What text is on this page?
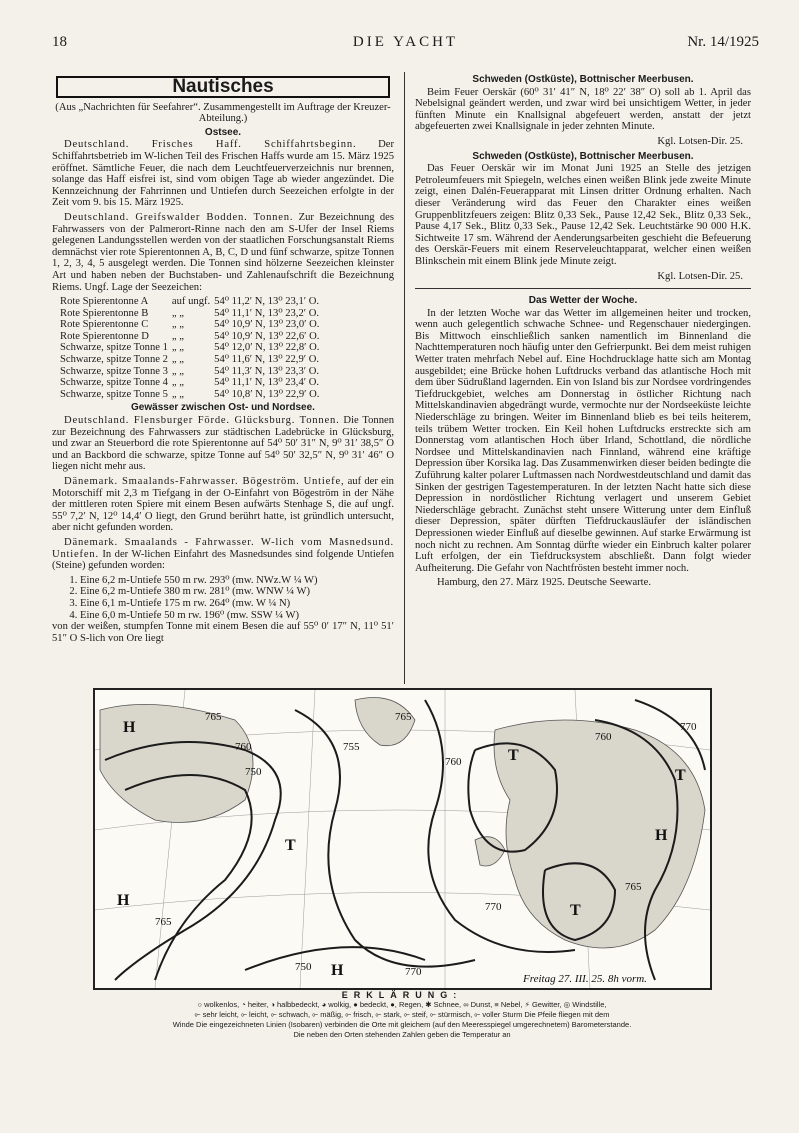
18	DIE YACHT	Nr. 14/1925
Nautisches
(Aus „Nachrichten für Seefahrer“. Zusammengestellt im Auftrage der Kreuzer-Abteilung.)
Ostsee.

Deutschland. Frisches Haff. Schiffahrtsbeginn. Der Schiffahrtsbetrieb im W-lichen Teil des Frischen Haffs wurde am 15. März 1925 eröffnet. Sämtliche Feuer, die nach dem Leuchtfeuerverzeichnis nur brennen, solange das Haff eisfrei ist, sind vom obigen Tage ab wieder angezündet. Die Kennzeichnung der Fahrrinnen und Untiefen durch Seezeichen erfolgte in der Zeit vom 9. bis 15. März 1925.

Deutschland. Greifswalder Bodden. Tonnen. Zur Bezeichnung des Fahrwassers von der Palmerort-Rinne nach den am S-Ufer der Insel Riems gelegenen Landungsstellen werden von der staatlichen Forschungsanstalt Riems demnächst vier rote Spierentonnen A, B, C, D und fünf schwarze, spitze Tonnen 1, 2, 3, 4, 5 ausgelegt werden. Die Tonnen sind hölzerne Seezeichen kleinster Art und haben neben der Buchstaben- und Zahlenaufschrift die Bezeichnung Riems. Ungf. Lage der Seezeichen:

Rote Spierentonne A	auf ungf.	54⁰ 11,2′ N, 13⁰ 23,1′ O.
Rote Spierentonne B	„ „	54⁰ 11,1′ N, 13⁰ 23,2′ O.
Rote Spierentonne C	„ „	54⁰ 10,9′ N, 13⁰ 23,0′ O.
Rote Spierentonne D	„ „	54⁰ 10,9′ N, 13⁰ 22,6′ O.
Schwarze, spitze Tonne 1	„ „	54⁰ 12,0′ N, 13⁰ 22,8′ O.
Schwarze, spitze Tonne 2	„ „	54⁰ 11,6′ N, 13⁰ 22,9′ O.
Schwarze, spitze Tonne 3	„ „	54⁰ 11,3′ N, 13⁰ 23,3′ O.
Schwarze, spitze Tonne 4	„ „	54⁰ 11,1′ N, 13⁰ 23,4′ O.
Schwarze, spitze Tonne 5	„ „	54⁰ 10,8′ N, 13⁰ 22,9′ O.
Gewässer zwischen Ost- und Nordsee.

Deutschland. Flensburger Förde. Glücksburg. Tonnen. Die Tonnen zur Bezeichnung des Fahrwassers zur städtischen Ladebrücke in Glücksburg, und zwar an Steuerbord die rote Spierentonne auf 54⁰ 50′ 31″ N, 9⁰ 31′ 38,5″ O und an Backbord die schwarze, spitze Tonne auf 54⁰ 50′ 32,5″ N, 9⁰ 31′ 46″ O liegen nicht mehr aus.

Dänemark. Smaalands-Fahrwasser. Bögeström. Untiefe, auf der ein Motorschiff mit 2,3 m Tiefgang in der O-Einfahrt von Bögeström in der Nähe der mittleren roten Spiere mit einem Besen aufwärts Stenhage S, die auf ungf. 55⁰ 7,2′ N, 12⁰ 14,4′ O liegt, den Grund berührt hatte, ist gründlich untersucht, aber nicht gefunden worden.

Dänemark. Smaalands - Fahrwasser. W-lich vom Masnedsund. Untiefen. In der W-lichen Einfahrt des Masnedsundes sind folgende Untiefen (Steine) gefunden worden:

1. Eine 6,2 m-Untiefe 550 m rw. 293⁰ (mw. NWz.W ¼ W)
2. Eine 6,2 m-Untiefe 380 m rw. 281⁰ (mw. WNW ¼ W)
3. Eine 6,1 m-Untiefe 175 m rw. 264⁰ (mw. W ¼ N)
4. Eine 6,0 m-Untiefe 50 m rw. 196⁰ (mw. SSW ¼ W)

von der weißen, stumpfen Tonne mit einem Besen die auf 55⁰ 0′ 17″ N, 11⁰ 51′ 51″ O S-lich von Ore liegt

Schweden (Ostküste), Bottnischer Meerbusen.

Beim Feuer Oerskär (60⁰ 31′ 41″ N, 18⁰ 22′ 38″ O) soll ab 1. April das Nebelsignal geändert werden, und zwar wird bei unsichtigem Wetter, in jeder fünften Minute ein Knallsignal abgefeuert werden, anstatt der jetzt abgefeuerten zwei Knallsignale in jeder zehnten Minute.

Kgl. Lotsen-Dir. 25.
Schweden (Ostküste), Bottnischer Meerbusen.

Das Feuer Oerskär wir im Monat Juni 1925 an Stelle des jetzigen Petroleumfeuers mit Spiegeln, welches einen weißen Blink jede zweite Minute zeigt, einen Dalén-Feuerapparat mit Linsen dritter Ordnung erhalten. Nach dieser Veränderung wird das Feuer den Charakter eines weißen Gruppenblitzfeuers zeigen: Blitz 0,33 Sek., Pause 12,42 Sek., Blitz 0,33 Sek., Pause 4,17 Sek., Blitz 0,33 Sek., Pause 12,42 Sek. Leuchtstärke 90 000 H.K. Sichtweite 17 sm. Während der Aenderungsarbeiten geschieht die Befeuerung des Oerskär-Feuers mit einem Reserveleuchtapparat, welcher einen weißen Blinkschein mit einem Blink jede Minute zeigt.

Kgl. Lotsen-Dir. 25.
Das Wetter der Woche.

In der letzten Woche war das Wetter im allgemeinen heiter und trocken, wenn auch gelegentlich schwache Schnee- und Regenschauer niedergingen. Bis Mittwoch einschließlich sanken namentlich im Binnenland die Nachttemperaturen noch häufig unter den Gefrierpunkt. Bei dem meist ruhigen Wetter traten mehrfach Nebel auf. Eine Hochdrucklage hatte sich am Montag ausgebildet; eine Brücke hohen Luftdrucks verband das atlantische Hoch mit dem über Südrußland lagernden. Ein von Island bis zur Nordsee vordringendes Tiefdruckgebiet, welches am Donnerstag in östlicher Richtung nach Mittelskandinavien abgedrängt wurde, vermochte nur der Nordseeküste leichte Niederschläge zu bringen. Weiter im Binnenland blieb es bei teils heiterem, teils trübem Wetter trocken. Ein Keil hohen Luftdrucks erstreckte sich am Donnerstag vom atlantischen Hoch über Irland, Schottland, die nördliche Nordsee und Mittelskandinavien nach Finnland, während eine kräftige Depression über Korsika lag. Das Zusammenwirken dieser beiden bedingte die Zuführung kalter polarer Luftmassen nach Nordwestdeutschland und damit das Sinken der gestrigen Tagestemperaturen. In der letzten Nacht hatte sich diese Depression in nordöstlicher Richtung verlagert und unserem Gebiet Niederschläge gebracht. Zunächst steht unsere Witterung unter dem Einfluß dieser Depression, später dürften Tiefdruckausläufer der isländischen Depressionen wieder Einfluß auf dieselbe gewinnen. Auf starke Erwärmung ist noch nicht zu rechnen. Am Sonntag dürfte wieder ein Einbruch kalter polarer Luft erfolgen, der ein Tiefdrucksystem abschließt. Dann folgt wieder Aufheiterung. Die Gefahr von Nachtfrösten besteht immer noch.

Hamburg, den 27. März 1925. Deutsche Seewarte.
H
H
H
H
T
T
T
T
765
760
750
755
765
760
765
770
760
765
770
770
750
Freitag 27. III. 25. 8h vorm.
ERKLÄRUNG:
○ wolkenlos, ◔ heiter, ◑ halbbedeckt, ◕ wolkig, ● bedeckt, ●, Regen, ✱ Schnee, ∞ Dunst, ≡ Nebel, ⚡ Gewitter, ◎ Windstille,
⟜ sehr leicht, ⟜ leicht, ⟜ schwach, ⟜ mäßig, ⟜ frisch, ⟜ stark, ⟜ steif, ⟜ stürmisch, ⟜ voller Sturm Die Pfeile fliegen mit dem
Winde Die eingezeichneten Linien (Isobaren) verbinden die Orte mit gleichem (auf den Meeresspiegel umgerechnetem) Barometerstande.
Die neben den Orten stehenden Zahlen geben die Temperatur an
